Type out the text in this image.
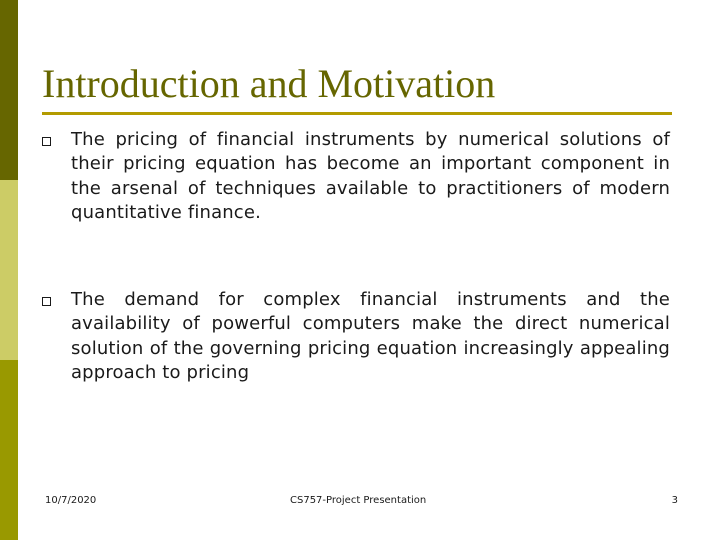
Introduction and Motivation
The pricing of financial instruments by numerical solutions of their pricing equation has become an important component in the arsenal of techniques available to practitioners of modern quantitative finance.
The demand for complex financial instruments and the availability of powerful computers make the direct numerical solution of the governing pricing equation increasingly appealing approach to pricing
10/7/2020	CS757-Project Presentation	3
